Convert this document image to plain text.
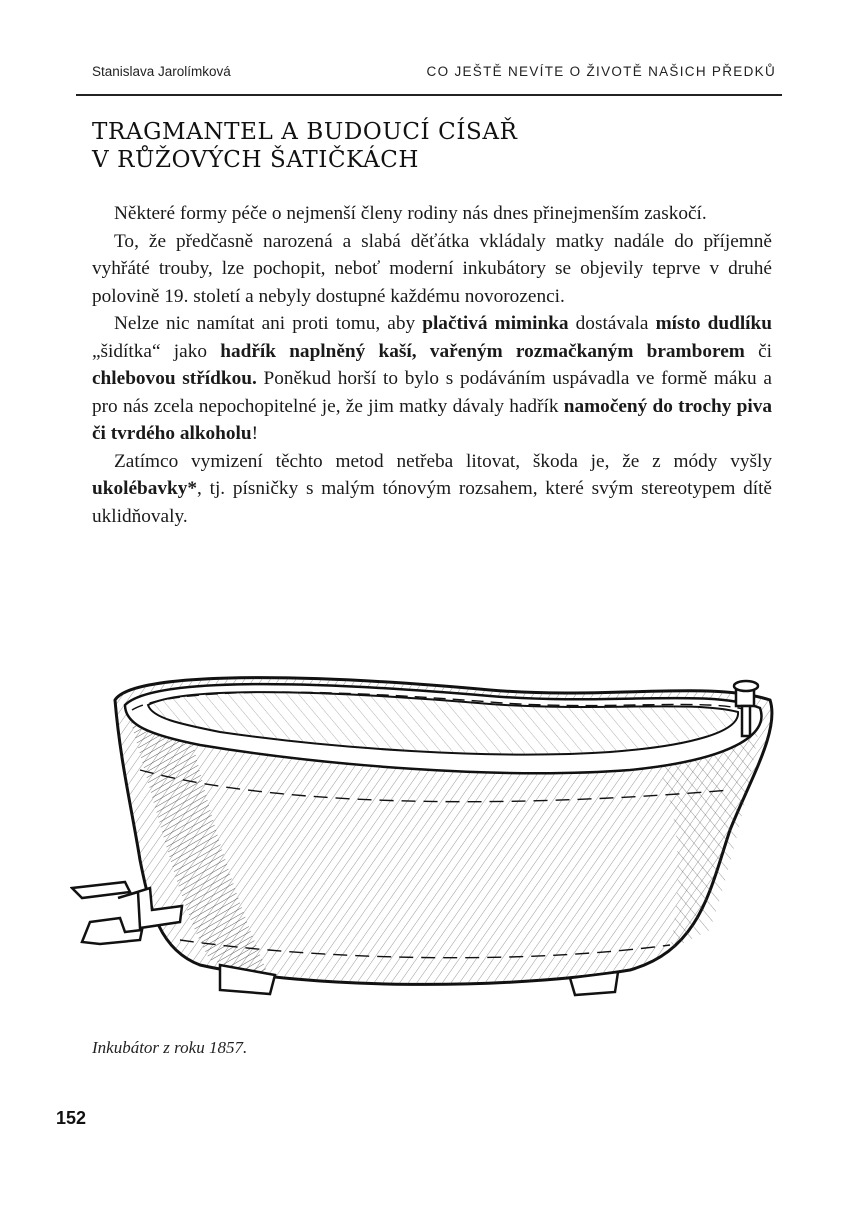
Stanislava Jarolímková	CO JEŠTĚ NEVÍTE O ŽIVOTĚ NAŠICH PŘEDKŮ
TRAGMANTEL A BUDOUCÍ CÍSAŘ
V RŮŽOVÝCH ŠATIČKÁCH

Některé formy péče o nejmenší členy rodiny nás dnes přinejmenším zaskočí.

To, že předčasně narozená a slabá děťátka vkládaly matky nadále do příjemně vyhřáté trouby, lze pochopit, neboť moderní inkubátory se objevily teprve v druhé polovině 19. století a nebyly dostupné každému novorozenci.

Nelze nic namítat ani proti tomu, aby plačtivá miminka dostávala místo dudlíku „šidítka“ jako hadřík naplněný kaší, vařeným rozmačkaným bramborem či chlebovou střídkou. Poněkud horší to bylo s podáváním uspávadla ve formě máku a pro nás zcela nepochopitelné je, že jim matky dávaly hadřík namočený do trochy piva či tvrdého alkoholu!

Zatímco vymizení těchto metod netřeba litovat, škoda je, že z módy vyšly ukolébavky*, tj. písničky s malým tónovým rozsahem, které svým stereotypem dítě uklidňovaly.

Inkubátor z roku 1857.
152
